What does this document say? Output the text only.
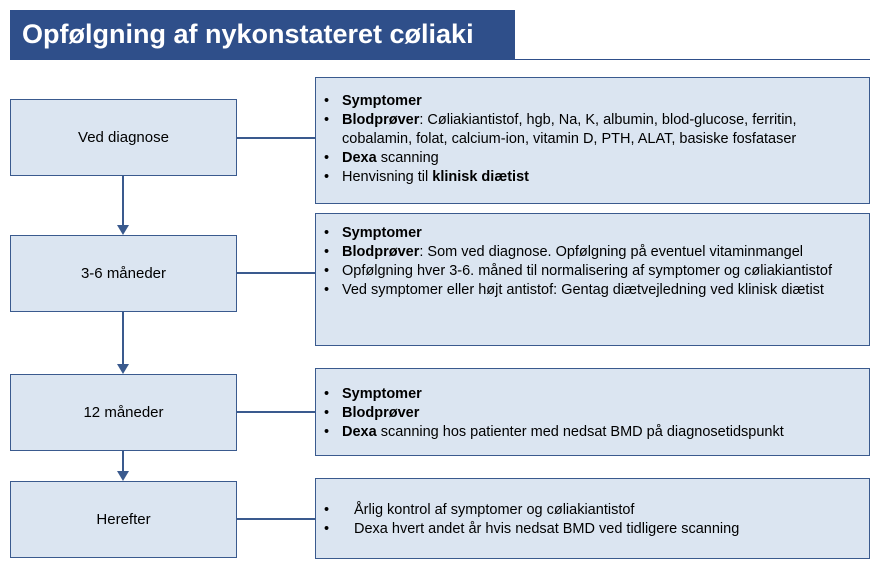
Opfølgning af nykonstateret cøliaki
Ved diagnose
3-6 måneder
12 måneder
Herefter
• Symptomer
• Blodprøver: Cøliakiantistof, hgb, Na, K, albumin, blod-glucose, ferritin, cobalamin, folat, calcium-ion, vitamin D, PTH, ALAT, basiske fosfataser
• Dexa scanning
• Henvisning til klinisk diætist
• Symptomer
• Blodprøver: Som ved diagnose. Opfølgning på eventuel vitaminmangel
• Opfølgning hver 3-6. måned til normalisering af symptomer og cøliakiantistof
• Ved symptomer eller højt antistof: Gentag diætvejledning ved klinisk diætist
• Symptomer
• Blodprøver
• Dexa scanning hos patienter med nedsat BMD på diagnosetidspunkt
• Årlig kontrol af symptomer og cøliakiantistof
• Dexa hvert andet år hvis nedsat BMD ved tidligere scanning
